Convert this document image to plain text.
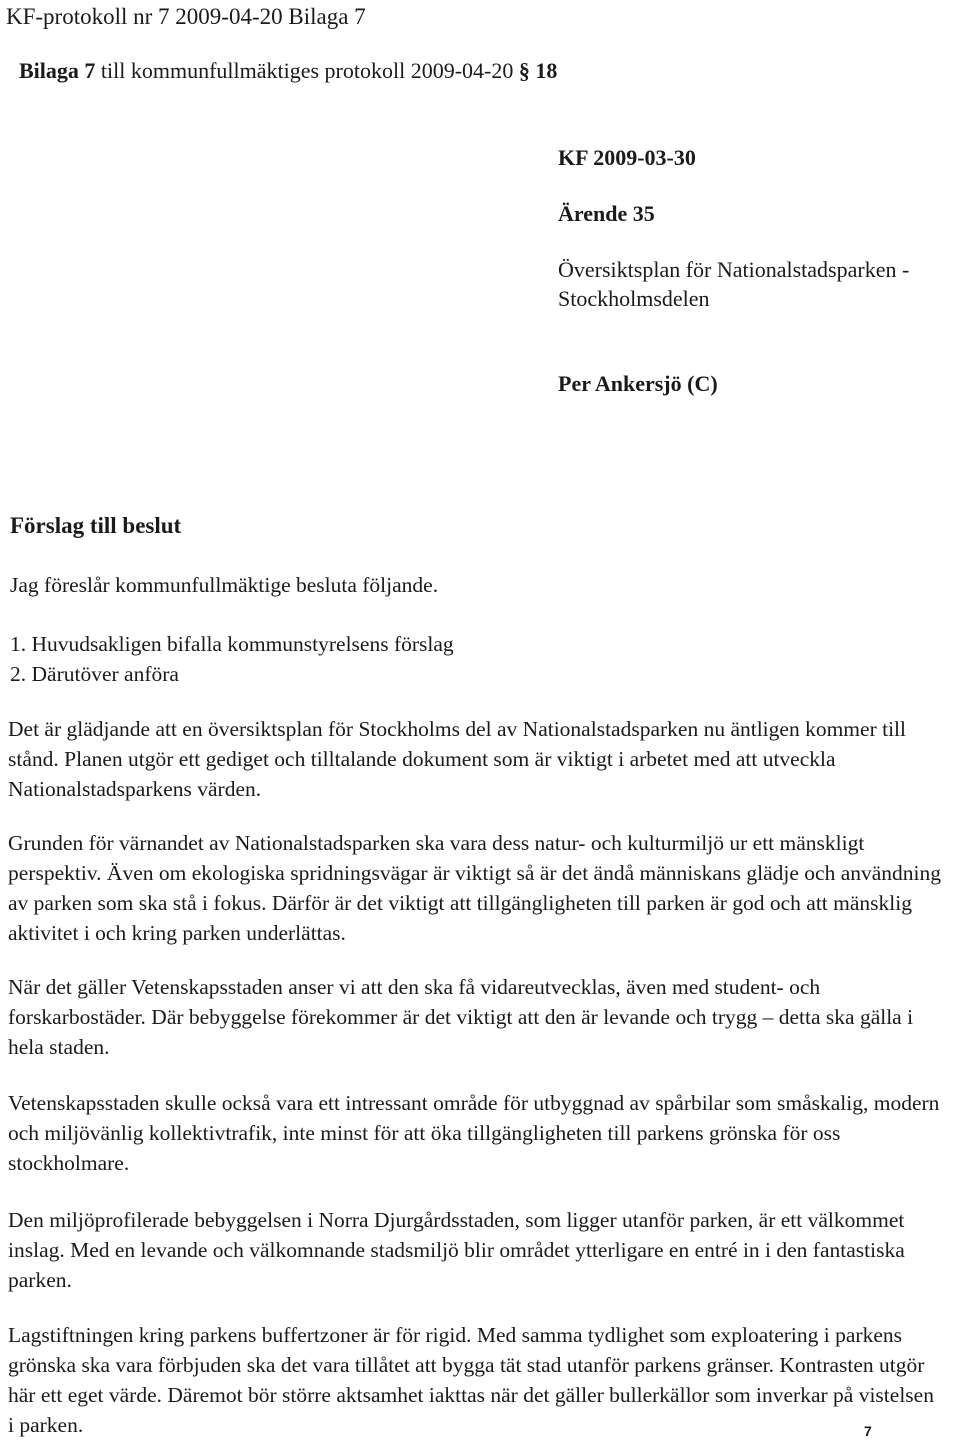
KF-protokoll nr 7 2009-04-20 Bilaga 7
Bilaga 7 till kommunfullmäktiges protokoll 2009-04-20 § 18
KF 2009-03-30
Ärende 35
Översiktsplan för Nationalstadsparken -
Stockholmsdelen
Per Ankersjö (C)
Förslag till beslut
Jag föreslår kommunfullmäktige besluta följande.
1. Huvudsakligen bifalla kommunstyrelsens förslag
2. Därutöver anföra

Det är glädjande att en översiktsplan för Stockholms del av Nationalstadsparken nu äntligen kommer till stånd. Planen utgör ett gediget och tilltalande dokument som är viktigt i arbetet med att utveckla Nationalstadsparkens värden.

Grunden för värnandet av Nationalstadsparken ska vara dess natur- och kulturmiljö ur ett mänskligt perspektiv. Även om ekologiska spridningsvägar är viktigt så är det ändå människans glädje och användning av parken som ska stå i fokus. Därför är det viktigt att tillgängligheten till parken är god och att mänsklig aktivitet i och kring parken underlättas.

När det gäller Vetenskapsstaden anser vi att den ska få vidareutvecklas, även med student- och forskarbostäder. Där bebyggelse förekommer är det viktigt att den är levande och trygg – detta ska gälla i hela staden.

Vetenskapsstaden skulle också vara ett intressant område för utbyggnad av spårbilar som småskalig, modern och miljövänlig kollektivtrafik, inte minst för att öka tillgängligheten till parkens grönska för oss stockholmare.

Den miljöprofilerade bebyggelsen i Norra Djurgårdsstaden, som ligger utanför parken, är ett välkommet inslag. Med en levande och välkomnande stadsmiljö blir området ytterligare en entré in i den fantastiska parken.

Lagstiftningen kring parkens buffertzoner är för rigid. Med samma tydlighet som exploatering i parkens grönska ska vara förbjuden ska det vara tillåtet att bygga tät stad utanför parkens gränser. Kontrasten utgör här ett eget värde. Däremot bör större aktsamhet iakttas när det gäller bullerkällor som inverkar på vistelsen i parken.	7
